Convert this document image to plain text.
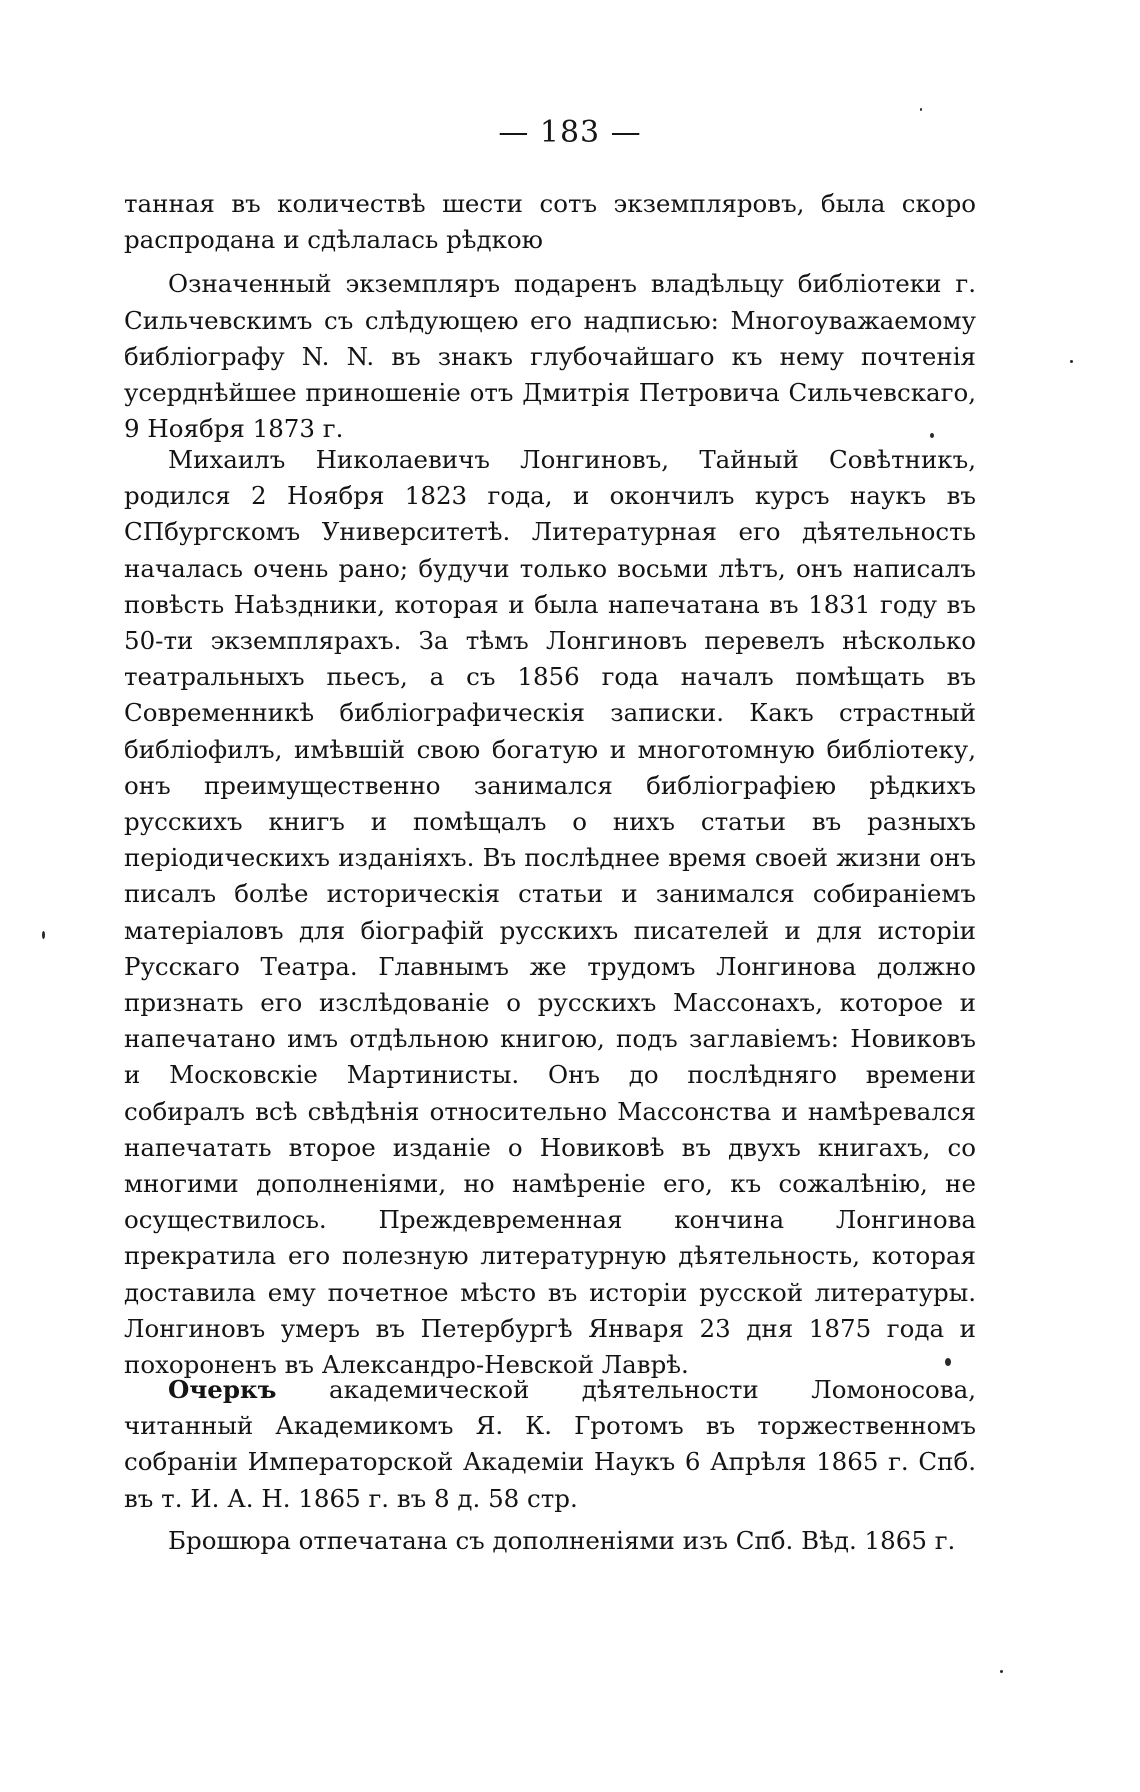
— 183 —

танная въ количествѣ шести сотъ экземпляровъ, была скоро распродана и сдѣлалась рѣдкою

Означенный экземпляръ подаренъ владѣльцу библіотеки г. Сильчевскимъ съ слѣдующею его надписью: Многоуважаемому библіографу N. N. въ знакъ глубочайшаго къ нему почтенія усерднѣйшее приношеніе отъ Дмитрія Петровича Сильчевскаго, 9 Ноября 1873 г.

Михаилъ Николаевичъ Лонгиновъ, Тайный Совѣтникъ, родился 2 Ноября 1823 года, и окончилъ курсъ наукъ въ СПбургскомъ Университетѣ. Литературная его дѣятельность началась очень рано; будучи только восьми лѣтъ, онъ написалъ повѣсть Наѣздники, которая и была напечатана въ 1831 году въ 50-ти экземплярахъ. За тѣмъ Лонгиновъ перевелъ нѣсколько театральныхъ пьесъ, а съ 1856 года началъ помѣщать въ Современникѣ библіографическія записки. Какъ страстный библіофилъ, имѣвшій свою богатую и многотомную библіотеку, онъ преимущественно занимался библіографіею рѣдкихъ русскихъ книгъ и помѣщалъ о нихъ статьи въ разныхъ періодическихъ изданіяхъ. Въ послѣднее время своей жизни онъ писалъ болѣе историческія статьи и занимался собираніемъ матеріаловъ для біографій русскихъ писателей и для исторіи Русскаго Театра. Главнымъ же трудомъ Лонгинова должно признать его изслѣдованіе о русскихъ Массонахъ, которое и напечатано имъ отдѣльною книгою, подъ заглавіемъ: Новиковъ и Московскіе Мартинисты. Онъ до послѣдняго времени собиралъ всѣ свѣдѣнія относительно Массонства и намѣревался напечатать второе изданіе о Новиковѣ въ двухъ книгахъ, со многими дополненіями, но намѣреніе его, къ сожалѣнію, не осуществилось. Преждевременная кончина Лонгинова прекратила его полезную литературную дѣятельность, которая доставила ему почетное мѣсто въ исторіи русской литературы. Лонгиновъ умеръ въ Петербургѣ Января 23 дня 1875 года и похороненъ въ Александро-Невской Лаврѣ.

Очеркъ академической дѣятельности Ломоносова, читанный Академикомъ Я. К. Гротомъ въ торжественномъ собраніи Императорской Академіи Наукъ 6 Апрѣля 1865 г. Спб. въ т. И. А. Н. 1865 г. въ 8 д. 58 стр.

Брошюра отпечатана съ дополненіями изъ Спб. Вѣд. 1865 г.
